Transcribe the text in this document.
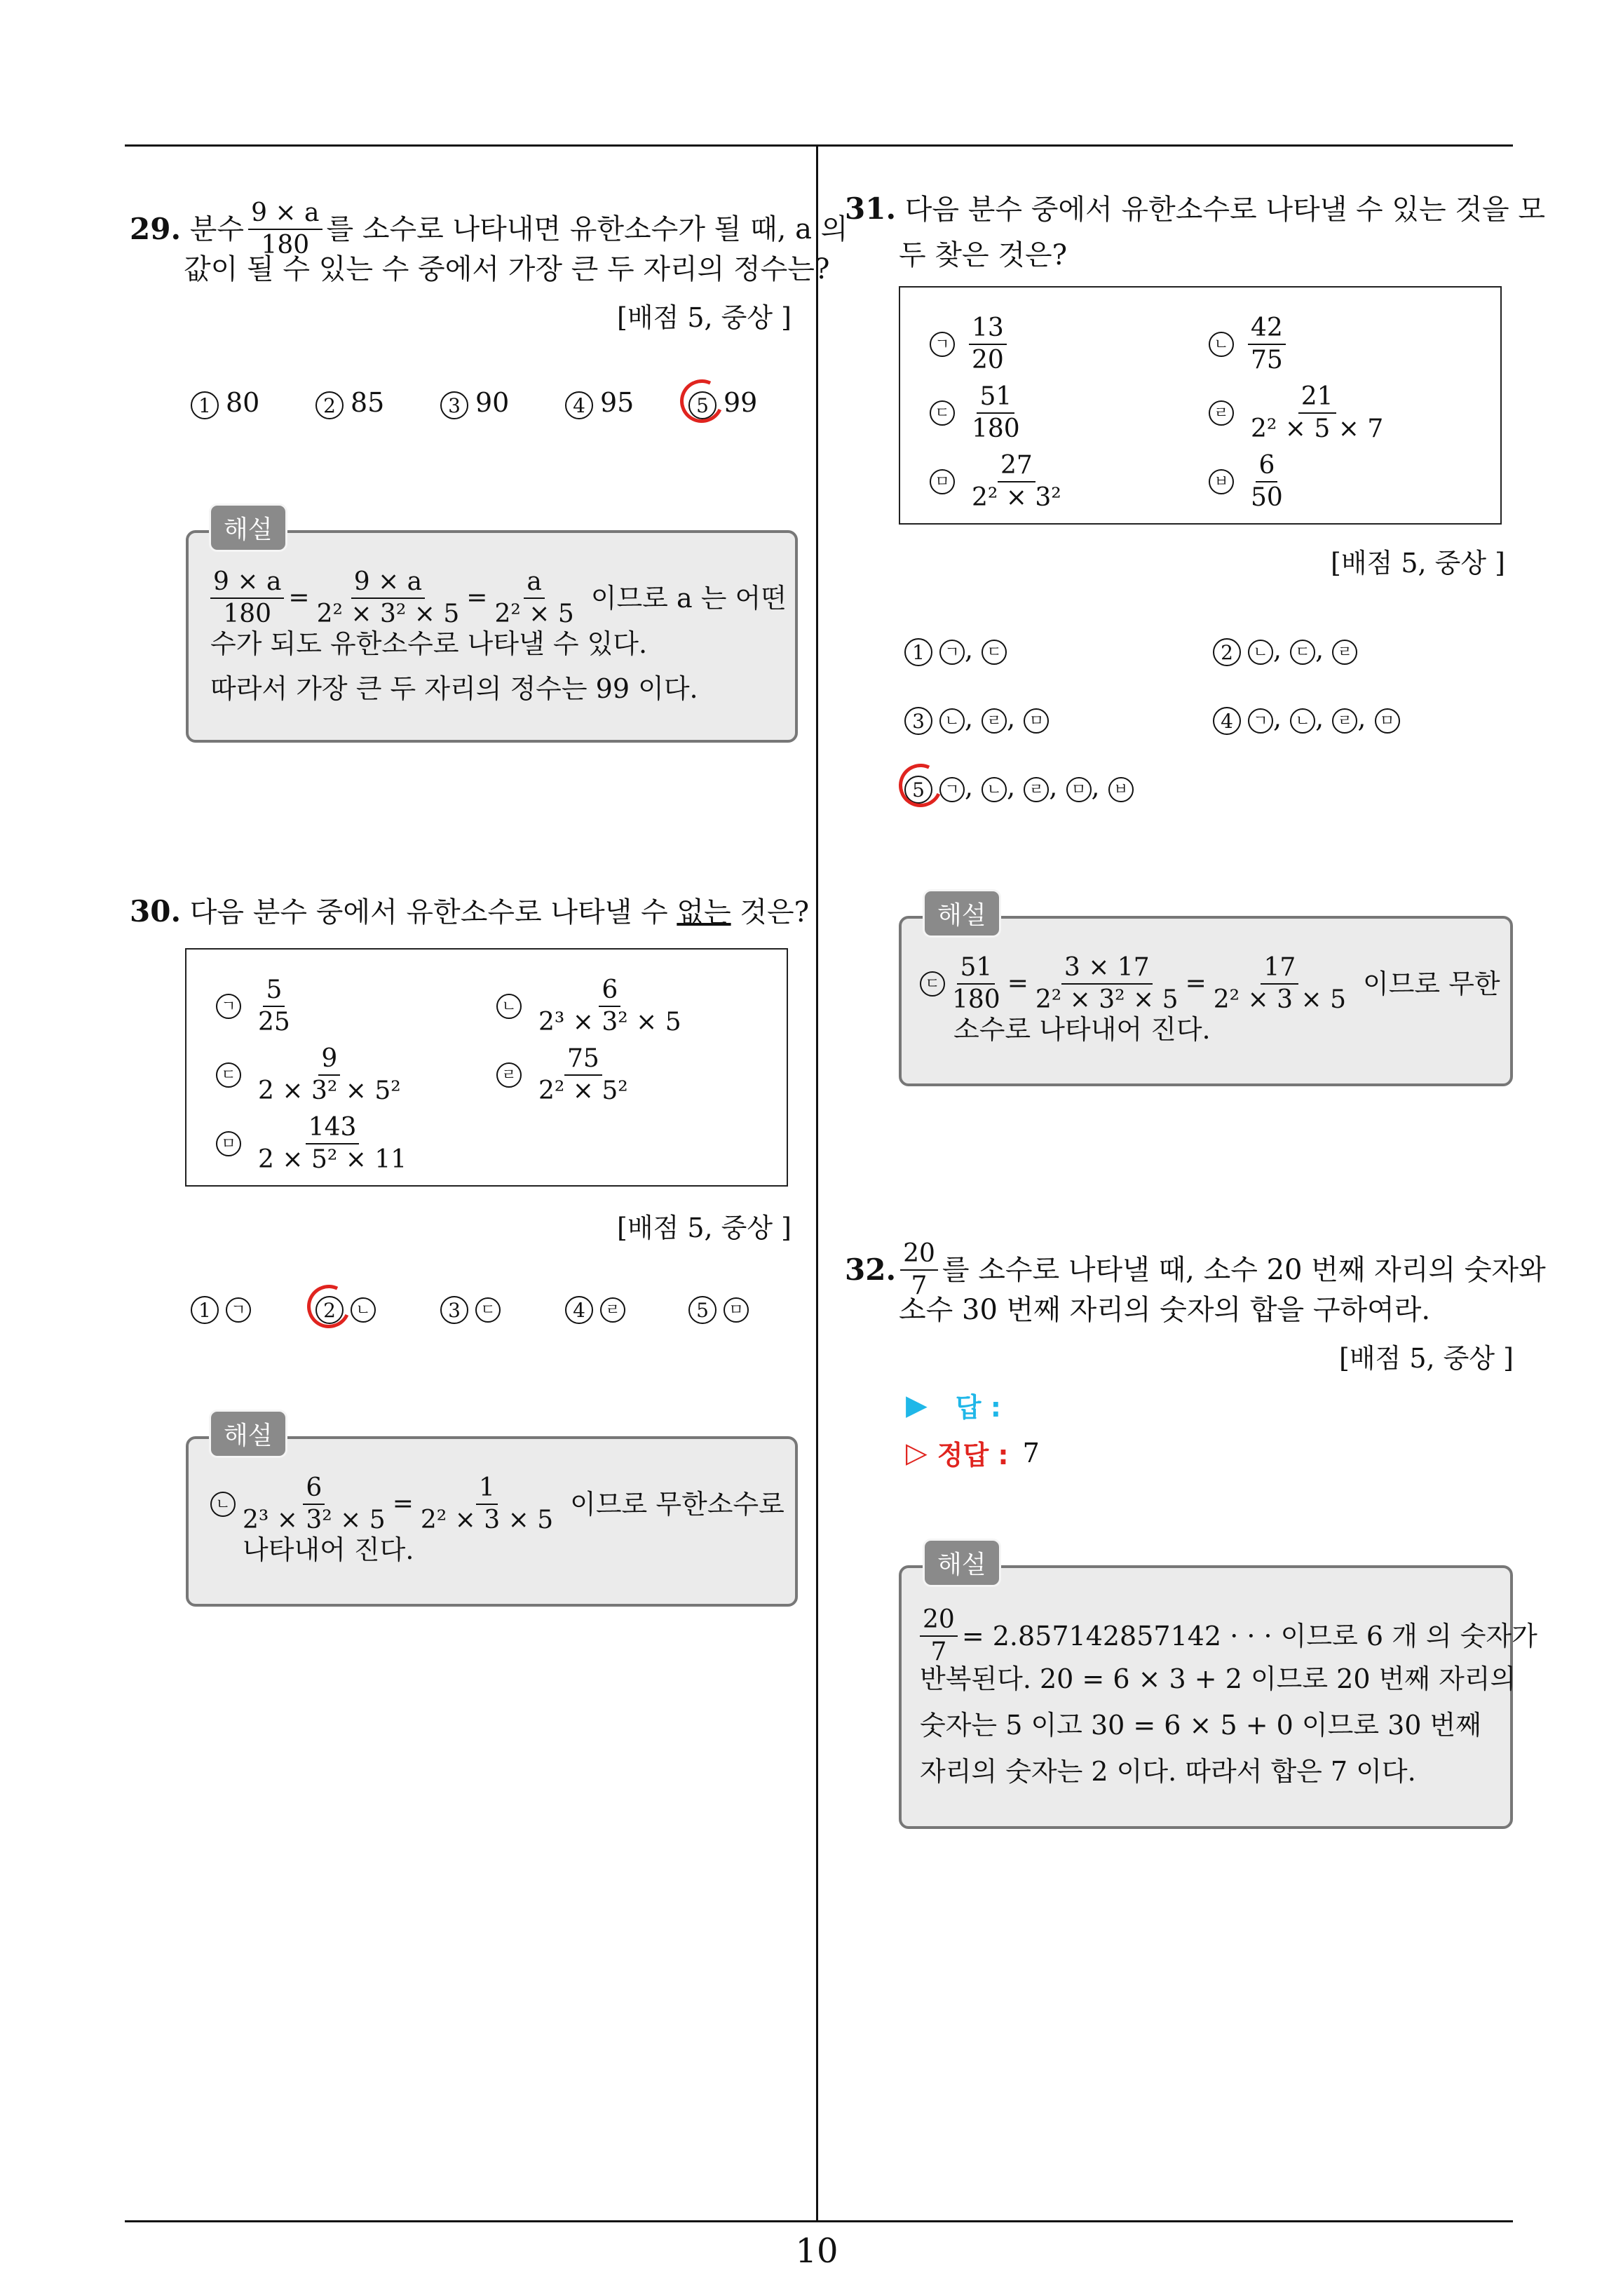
10
29.
분수 $\frac{9 \times a}{180}$ 를 소수로 나타내면 유한소수가 될 때, a 의
값이 될 수 있는 수 중에서 가장 큰 두 자리의 정수는?
[배점 5, 중상 ]
1 80	2 85	3 90	4 95	5 99
해설
$\frac{9 \times a}{180} = \frac{9 \times a}{\text{2² × 3² × 5}} = \frac{a}{\text{2² × 5}}$ 이므로 a 는 어떤
수가 되도 유한소수로 나타낼 수 있다.
따라서 가장 큰 두 자리의 정수는 99 이다.
30. 다음 분수 중에서 유한소수로 나타낼 수 없는 것은?
ㄱ $\frac{5}{25}$	ㄴ $\frac{6}{\text{2³ × 3² × 5}}$
ㄷ $\frac{9}{\text{2 × 3² × 5²}}$	ㄹ $\frac{75}{\text{2² × 5²}}$
ㅁ $\frac{143}{\text{2 × 5² × 11}}$
[배점 5, 중상 ]
1 ㄱ	2 ㄴ	3 ㄷ	4 ㄹ	5 ㅁ
해설
ㄴ $\frac{6}{\text{2³ × 3² × 5}} = \frac{1}{\text{2² × 3 × 5}}$ 이므로 무한소수로
나타내어 진다.
31. 다음 분수 중에서 유한소수로 나타낼 수 있는 것을 모
두 찾은 것은?
ㄱ $\frac{13}{20}$	ㄴ $\frac{42}{75}$
ㄷ $\frac{51}{180}$	ㄹ $\frac{21}{\text{2² × 5 × 7}}$
ㅁ $\frac{27}{\text{2² × 3²}}$	ㅂ $\frac{6}{50}$
[배점 5, 중상 ]
1 ㄱ , ㄷ	2 ㄴ , ㄷ , ㄹ
3 ㄴ , ㄹ , ㅁ	4 ㄱ , ㄴ , ㄹ , ㅁ
5 ㄱ , ㄴ , ㄹ , ㅁ , ㅂ
해설
ㄷ $\frac{51}{180} = \frac{3 \times 17}{\text{2² × 3² × 5}} = \frac{17}{\text{2² × 3 × 5}}$ 이므로 무한
소수로 나타내어 진다.
32. $\frac{20}{7}$ 를 소수로 나타낼 때, 소수 20 번째 자리의 숫자와
소수 30 번째 자리의 숫자의 합을 구하여라.
[배점 5, 중상 ]
▶ 답 :
▷ 정답 : 7
해설
$\frac{20}{7} = 2.857142857142$ · · · 이므로 6 개 의 숫자가
반복된다. 20 = 6 × 3 + 2 이므로 20 번째 자리의
숫자는 5 이고 30 = 6 × 5 + 0 이므로 30 번째
자리의 숫자는 2 이다. 따라서 합은 7 이다.
